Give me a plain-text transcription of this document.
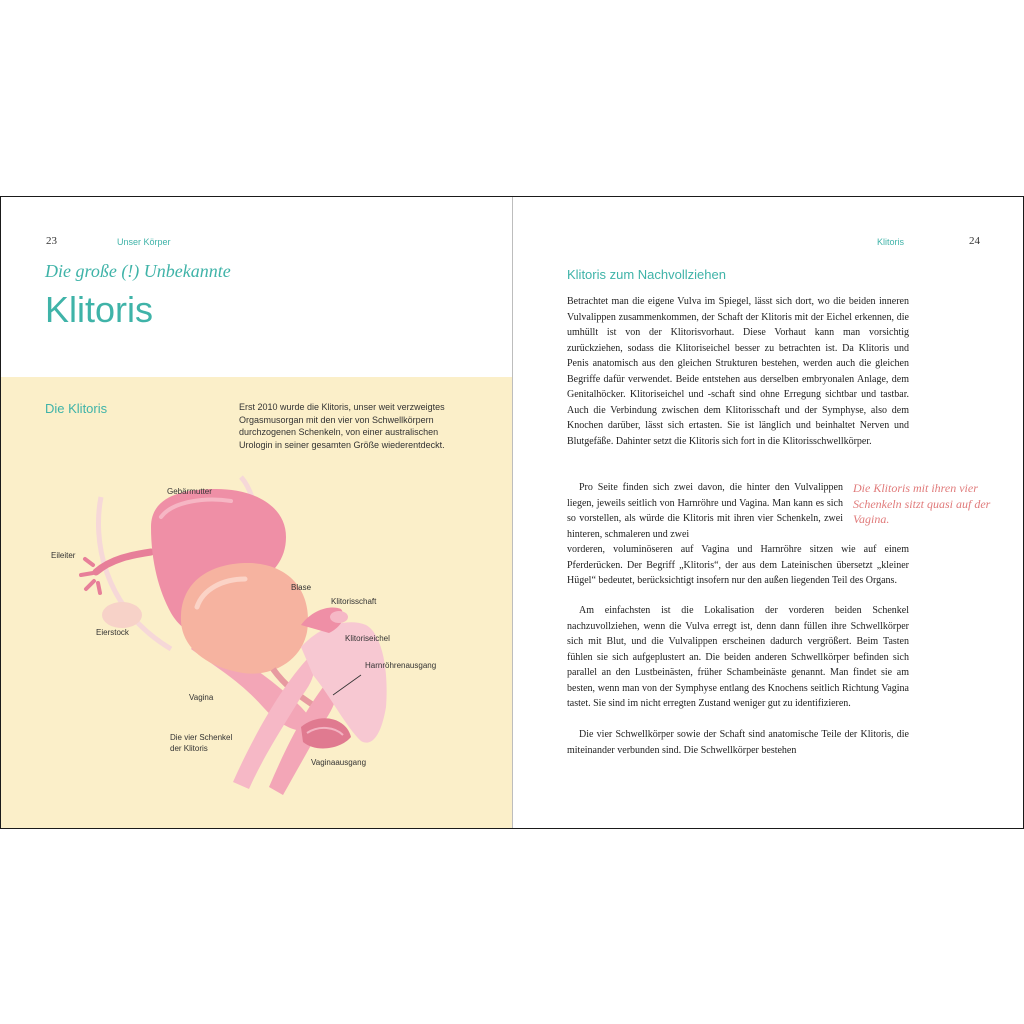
23	Unser Körper
Die große (!) Unbekannte
Klitoris
Die Klitoris	Erst 2010 wurde die Klitoris, unser weit verzweigtes Orgasmusorgan mit den vier von Schwellkörpern durchzogenen Schenkeln, von einer australischen Urologin in seiner gesamten Größe wiederentdeckt.
Gebärmutter
Eileiter
Blase
Klitorisschaft
Eierstock
Klitoriseichel
Harnröhrenausgang
Vagina
Die vier Schenkel
der Klitoris
Vaginaausgang
Klitoris	24
Klitoris zum Nachvollziehen

Betrachtet man die eigene Vulva im Spiegel, lässt sich dort, wo die beiden inneren Vulvalippen zusammenkommen, der Schaft der Klitoris mit der Eichel erkennen, die umhüllt ist von der Klitorisvorhaut. Diese Vorhaut kann man vorsichtig zurückziehen, sodass die Klitoriseichel besser zu betrachten ist. Da Klitoris und Penis anatomisch aus den gleichen Strukturen bestehen, werden auch die gleichen Begriffe dafür verwendet. Beide entstehen aus derselben embryonalen Anlage, dem Genitalhöcker. Klitoriseichel und -schaft sind ohne Erregung sichtbar und tastbar. Auch die Verbindung zwischen dem Klitorisschaft und der Symphyse, also dem Knochen darüber, lässt sich ertasten. Sie ist länglich und beinhaltet Nerven und Blutgefäße. Dahinter setzt die Klitoris sich fort in die Klitorisschwellkörper.

Pro Seite finden sich zwei davon, die hinter den Vulvalippen liegen, jeweils seitlich von Harnröhre und Vagina. Man kann es sich so vorstellen, als würde die Klitoris mit ihren vier Schenkeln, zwei hinteren, schmaleren und zwei

vorderen, voluminöseren auf Vagina und Harnröhre sitzen wie auf einem Pferderücken. Der Begriff „Klitoris“, der aus dem Lateinischen übersetzt „kleiner Hügel“ bedeutet, berücksichtigt insofern nur den außen liegenden Teil des Organs.

Am einfachsten ist die Lokalisation der vorderen beiden Schenkel nachzuvollziehen, wenn die Vulva erregt ist, denn dann füllen ihre Schwellkörper sich mit Blut, und die Vulvalippen erscheinen dadurch vergrößert. Beim Tasten fühlen sie sich aufgeplustert an. Die beiden anderen Schwellkörper befinden sich parallel an den Lustbeinästen, früher Schambeinäste genannt. Man findet sie am besten, wenn man von der Symphyse entlang des Knochens seitlich Richtung Vagina tastet. Sie sind im nicht erregten Zustand weniger gut zu identifizieren.

Die vier Schwellkörper sowie der Schaft sind anatomische Teile der Klitoris, die miteinander verbunden sind. Die Schwellkörper bestehen

Die Klitoris mit ihren vier Schenkeln sitzt quasi auf der Vagina.
